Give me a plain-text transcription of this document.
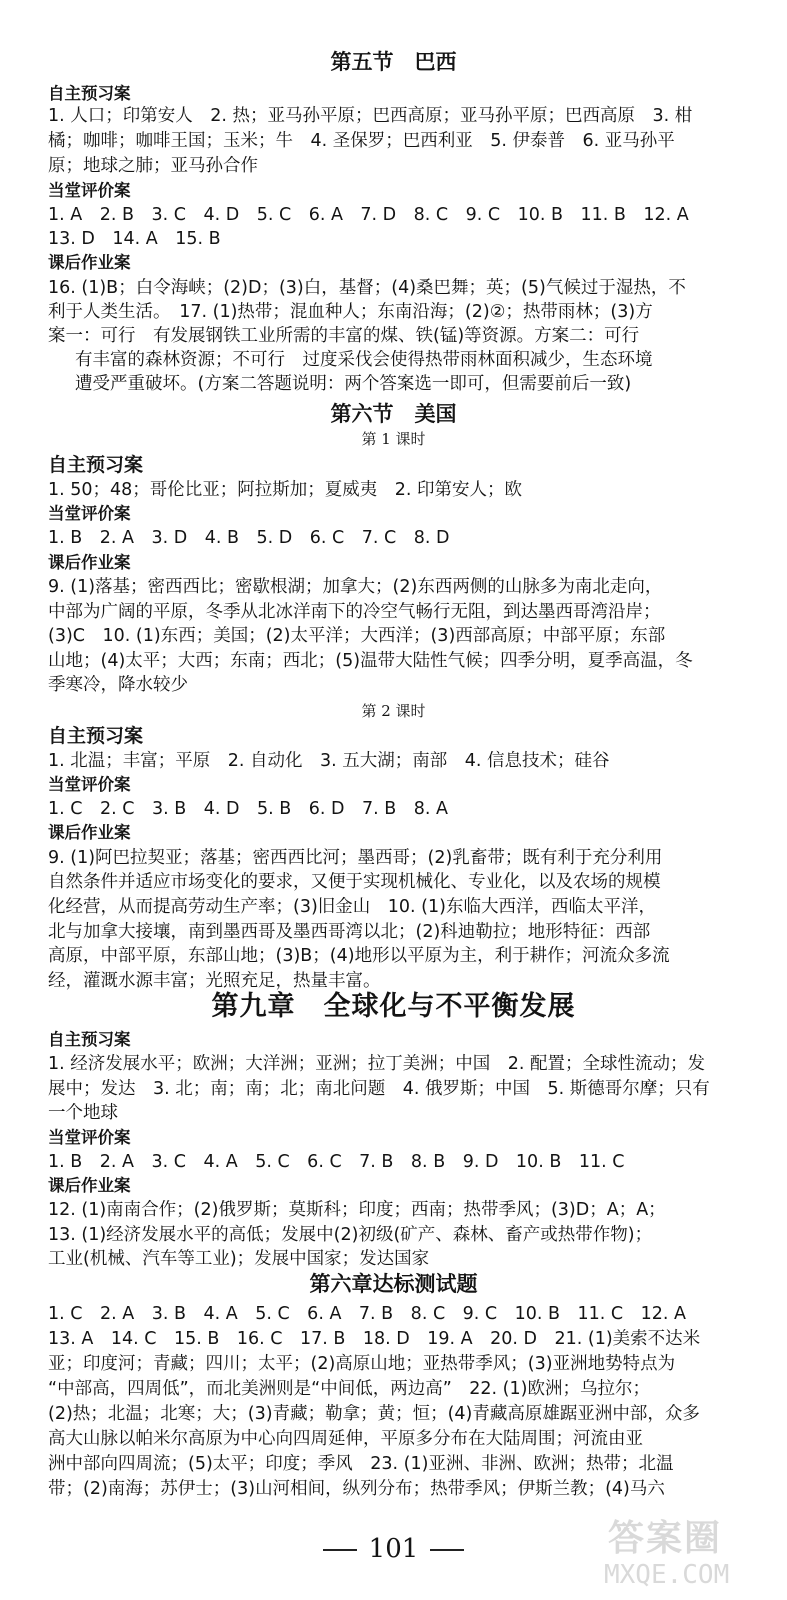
第五节　巴西
自主预习案
1. 人口；印第安人　2. 热；亚马孙平原；巴西高原；亚马孙平原；巴西高原　3. 柑
橘；咖啡；咖啡王国；玉米；牛　4. 圣保罗；巴西利亚　5. 伊泰普　6. 亚马孙平
原；地球之肺；亚马孙合作
当堂评价案
1. A　2. B　3. C　4. D　5. C　6. A　7. D　8. C　9. C　10. B　11. B　12. A
13. D　14. A　15. B
课后作业案
16. (1)B；白令海峡；(2)D；(3)白，基督；(4)桑巴舞；英；(5)气候过于湿热，不
利于人类生活。　17. (1)热带；混血种人；东南沿海；(2)②；热带雨林；(3)方
案一：可行　有发展钢铁工业所需的丰富的煤、铁(锰)等资源。方案二：可行
有丰富的森林资源；不可行　过度采伐会使得热带雨林面积减少，生态环境
遭受严重破坏。(方案二答题说明：两个答案选一即可，但需要前后一致)
第六节　美国
第 1 课时
自主预习案
1. 50；48；哥伦比亚；阿拉斯加；夏威夷　2. 印第安人；欧
当堂评价案
1. B　2. A　3. D　4. B　5. D　6. C　7. C　8. D
课后作业案
9. (1)落基；密西西比；密歇根湖；加拿大；(2)东西两侧的山脉多为南北走向，
中部为广阔的平原，冬季从北冰洋南下的冷空气畅行无阻，到达墨西哥湾沿岸；
(3)C　10. (1)东西；美国；(2)太平洋；大西洋；(3)西部高原；中部平原；东部
山地；(4)太平；大西；东南；西北；(5)温带大陆性气候；四季分明，夏季高温，冬
季寒冷，降水较少
第 2 课时
自主预习案
1. 北温；丰富；平原　2. 自动化　3. 五大湖；南部　4. 信息技术；硅谷
当堂评价案
1. C　2. C　3. B　4. D　5. B　6. D　7. B　8. A
课后作业案
9. (1)阿巴拉契亚；落基；密西西比河；墨西哥；(2)乳畜带；既有利于充分利用
自然条件并适应市场变化的要求，又便于实现机械化、专业化，以及农场的规模
化经营，从而提高劳动生产率；(3)旧金山　10. (1)东临大西洋，西临太平洋，
北与加拿大接壤，南到墨西哥及墨西哥湾以北；(2)科迪勒拉；地形特征：西部
高原，中部平原，东部山地；(3)B；(4)地形以平原为主，利于耕作；河流众多流
经，灌溉水源丰富；光照充足，热量丰富。
第九章　全球化与不平衡发展
自主预习案
1. 经济发展水平；欧洲；大洋洲；亚洲；拉丁美洲；中国　2. 配置；全球性流动；发
展中；发达　3. 北；南；南；北；南北问题　4. 俄罗斯；中国　5. 斯德哥尔摩；只有
一个地球
当堂评价案
1. B　2. A　3. C　4. A　5. C　6. C　7. B　8. B　9. D　10. B　11. C
课后作业案
12. (1)南南合作；(2)俄罗斯；莫斯科；印度；西南；热带季风；(3)D；A；A；
13. (1)经济发展水平的高低；发展中(2)初级(矿产、森林、畜产或热带作物)；
工业(机械、汽车等工业)；发展中国家；发达国家
第六章达标测试题
1. C　2. A　3. B　4. A　5. C　6. A　7. B　8. C　9. C　10. B　11. C　12. A
13. A　14. C　15. B　16. C　17. B　18. D　19. A　20. D　21. (1)美索不达米
亚；印度河；青藏；四川；太平；(2)高原山地；亚热带季风；(3)亚洲地势特点为
“中部高，四周低”，而北美洲则是“中间低，两边高”　22. (1)欧洲；乌拉尔；
(2)热；北温；北寒；大；(3)青藏；勒拿；黄；恒；(4)青藏高原雄踞亚洲中部，众多
高大山脉以帕米尔高原为中心向四周延伸，平原多分布在大陆周围；河流由亚
洲中部向四周流；(5)太平；印度；季风　23. (1)亚洲、非洲、欧洲；热带；北温
带；(2)南海；苏伊士；(3)山河相间，纵列分布；热带季风；伊斯兰教；(4)马六
101	答案圈
MXQE.COM
